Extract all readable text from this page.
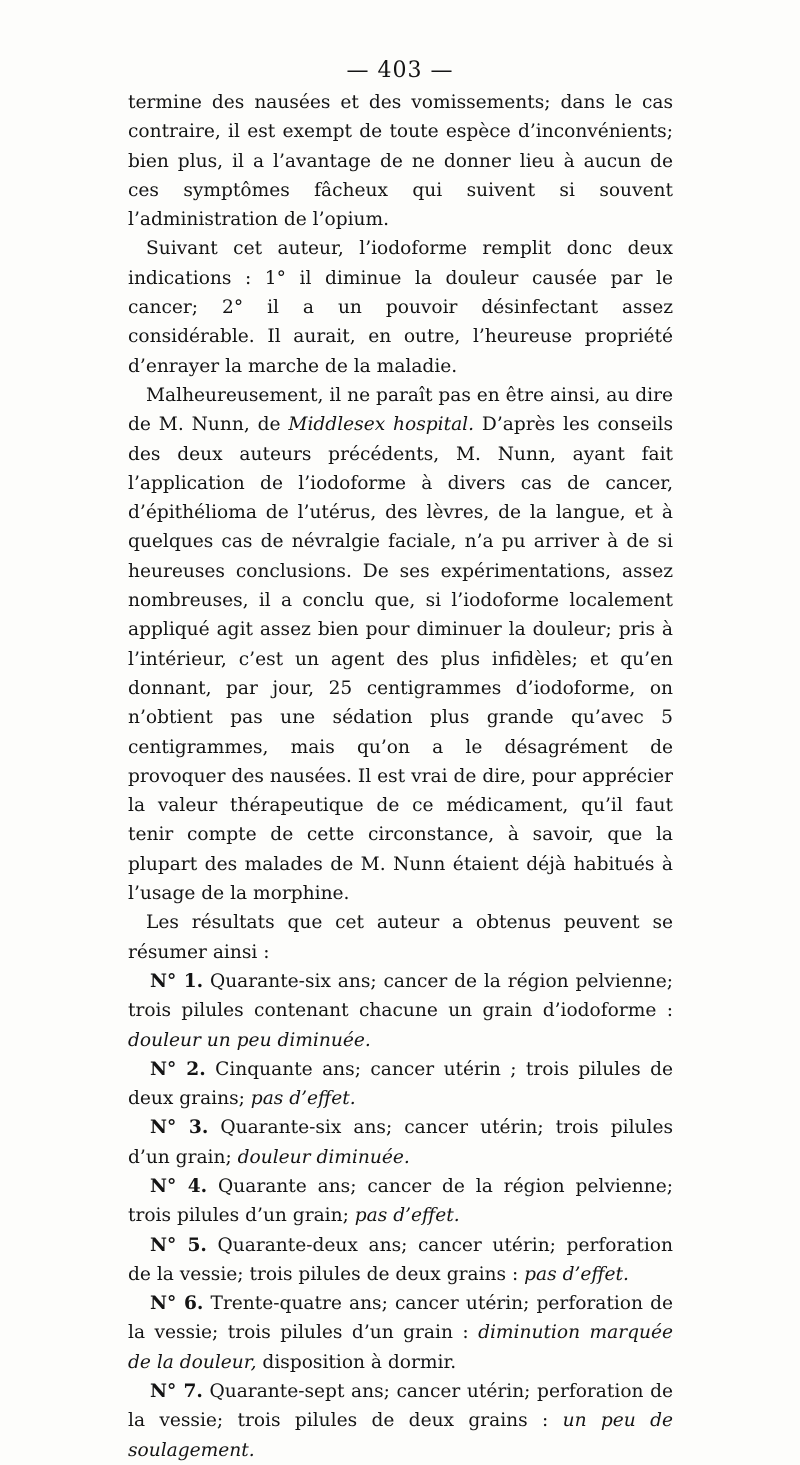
— 403 —

termine des nausées et des vomissements; dans le cas contraire, il est exempt de toute espèce d’inconvénients; bien plus, il a l’avantage de ne donner lieu à aucun de ces symptômes fâcheux qui suivent si souvent l’administration de l’opium.

Suivant cet auteur, l’iodoforme remplit donc deux indications : 1° il diminue la douleur causée par le cancer; 2° il a un pouvoir désinfectant assez considérable. Il aurait, en outre, l’heureuse propriété d’enrayer la marche de la maladie.

Malheureusement, il ne paraît pas en être ainsi, au dire de M. Nunn, de Middlesex hospital. D’après les conseils des deux auteurs précédents, M. Nunn, ayant fait l’application de l’iodoforme à divers cas de cancer, d’épithélioma de l’utérus, des lèvres, de la langue, et à quelques cas de névralgie faciale, n’a pu arriver à de si heureuses conclusions. De ses expérimentations, assez nombreuses, il a conclu que, si l’iodoforme localement appliqué agit assez bien pour diminuer la douleur; pris à l’intérieur, c’est un agent des plus infidèles; et qu’en donnant, par jour, 25 centigrammes d’iodoforme, on n’obtient pas une sédation plus grande qu’avec 5 centigrammes, mais qu’on a le désagrément de provoquer des nausées. Il est vrai de dire, pour apprécier la valeur thérapeutique de ce médicament, qu’il faut tenir compte de cette circonstance, à savoir, que la plupart des malades de M. Nunn étaient déjà habitués à l’usage de la morphine.

Les résultats que cet auteur a obtenus peuvent se résumer ainsi :

N° 1. Quarante-six ans; cancer de la région pelvienne; trois pilules contenant chacune un grain d’iodoforme : douleur un peu diminuée.

N° 2. Cinquante ans; cancer utérin ; trois pilules de deux grains; pas d’effet.

N° 3. Quarante-six ans; cancer utérin; trois pilules d’un grain; douleur diminuée.

N° 4. Quarante ans; cancer de la région pelvienne; trois pilules d’un grain; pas d’effet.

N° 5. Quarante-deux ans; cancer utérin; perforation de la vessie; trois pilules de deux grains : pas d’effet.

N° 6. Trente-quatre ans; cancer utérin; perforation de la vessie; trois pilules d’un grain : diminution marquée de la douleur, disposition à dormir.

N° 7. Quarante-sept ans; cancer utérin; perforation de la vessie; trois pilules de deux grains : un peu de soulagement.
